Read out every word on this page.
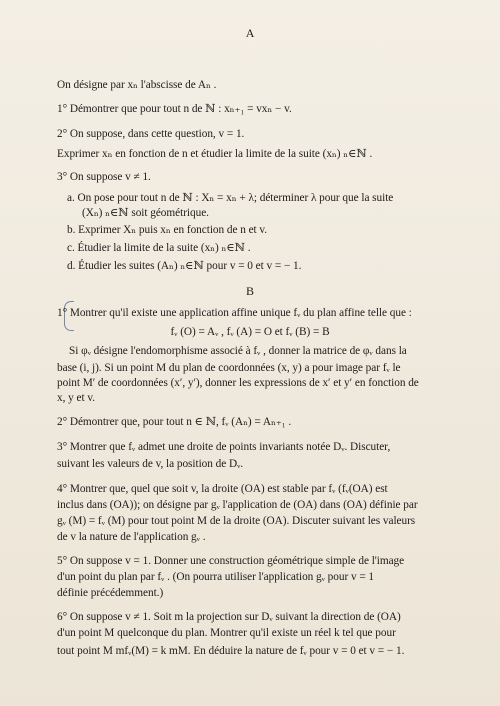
A
On désigne par xₙ l'abscisse de Aₙ .
1° Démontrer que pour tout n de ℕ : xₙ₊₁ = vxₙ − v.
2° On suppose, dans cette question, v = 1.
Exprimer xₙ en fonction de n et étudier la limite de la suite (xₙ) ₙ∈ℕ .
3° On suppose v ≠ 1.
a. On pose pour tout n de ℕ : Xₙ = xₙ + λ; déterminer λ pour que la suite
(Xₙ) ₙ∈ℕ soit géométrique.
b. Exprimer Xₙ puis xₙ en fonction de n et v.
c. Étudier la limite de la suite (xₙ) ₙ∈ℕ .
d. Étudier les suites (Aₙ) ₙ∈ℕ pour v = 0 et v = − 1.
B
1° Montrer qu'il existe une application affine unique fᵥ du plan affine telle que :
fᵥ (O) = Aᵥ , fᵥ (A) = O et fᵥ (B) = B
Si φᵥ désigne l'endomorphisme associé à fᵥ , donner la matrice de φᵥ dans la
base (i, j). Si un point M du plan de coordonnées (x, y) a pour image par fᵥ le
point M′ de coordonnées (x′, y′), donner les expressions de x′ et y′ en fonction de
x, y et v.
2° Démontrer que, pour tout n ∈ ℕ, fᵥ (Aₙ) = Aₙ₊₁ .
3° Montrer que fᵥ admet une droite de points invariants notée Dᵥ. Discuter,
suivant les valeurs de v, la position de Dᵥ.
4° Montrer que, quel que soit v, la droite (OA) est stable par fᵥ (fᵥ(OA) est
inclus dans (OA)); on désigne par gᵥ l'application de (OA) dans (OA) définie par
gᵥ (M) = fᵥ (M) pour tout point M de la droite (OA). Discuter suivant les valeurs
de v la nature de l'application gᵥ .
5° On suppose v = 1. Donner une construction géométrique simple de l'image
d'un point du plan par fᵥ . (On pourra utiliser l'application gᵥ pour v = 1
définie précédemment.)
6° On suppose v ≠ 1. Soit m la projection sur Dᵥ suivant la direction de (OA)
d'un point M quelconque du plan. Montrer qu'il existe un réel k tel que pour
tout point M mfᵥ(M) = k mM. En déduire la nature de fᵥ pour v = 0 et v = − 1.
